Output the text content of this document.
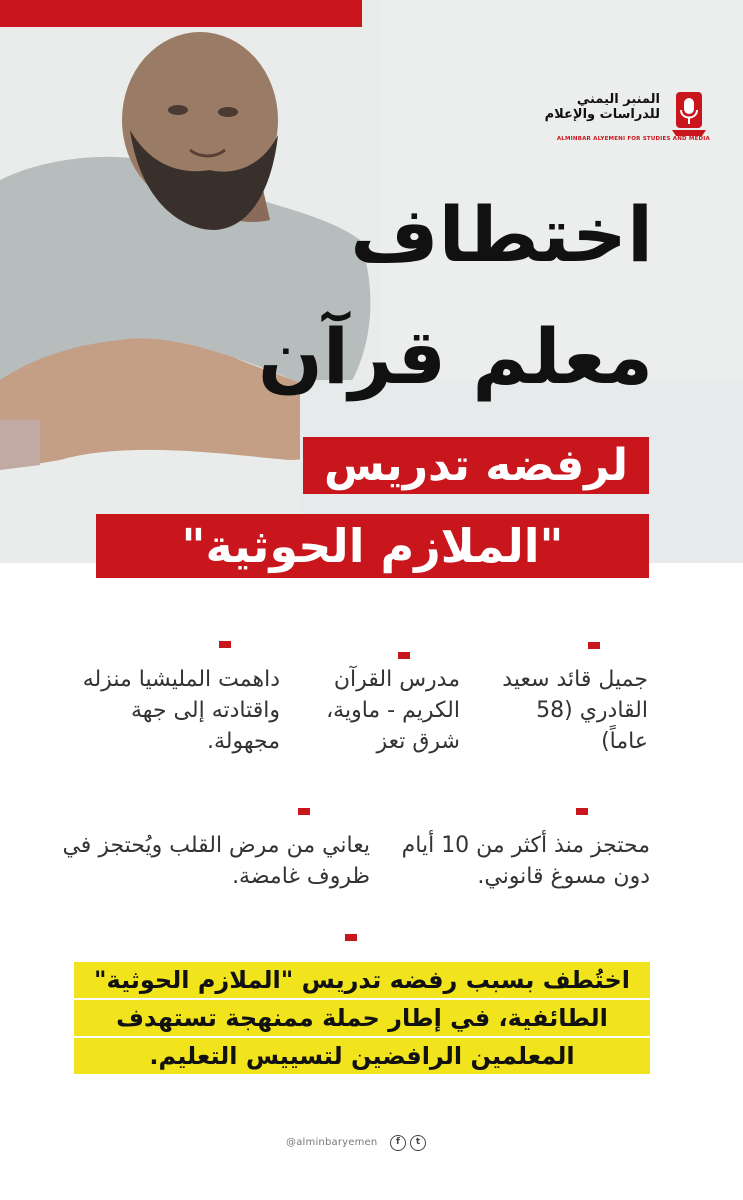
المنبر اليمني
للدراسات والإعلام
ALMINBAR ALYEMENI FOR STUDIES AND MEDIA
اختطاف
معلم قرآن
لرفضه تدريس
"الملازم الحوثية"
جميل قائد سعيد القادري (58 عاماً)
مدرس القرآن الكريم - ماوية، شرق تعز
داهمت المليشيا منزله واقتادته إلى جهة مجهولة.
محتجز منذ أكثر من 10 أيام دون مسوغ قانوني.
يعاني من مرض القلب ويُحتجز في ظروف غامضة.
اختُطف بسبب رفضه تدريس "الملازم الحوثية"
الطائفية، في إطار حملة ممنهجة تستهدف
المعلمين الرافضين لتسييس التعليم.
@alminbaryemen	f	t
